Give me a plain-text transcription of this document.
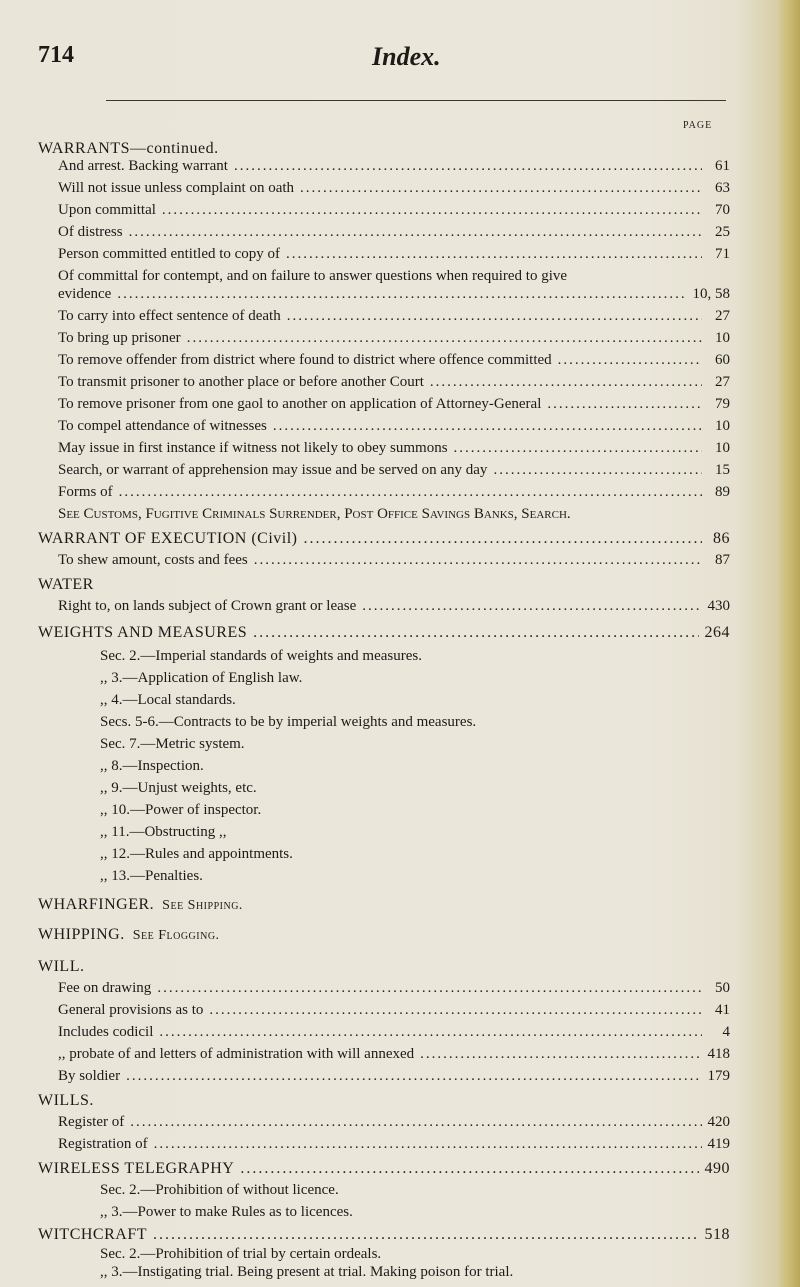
714	Index.
PAGE
WARRANTS—continued.
And arrest. Backing warrant .....	61
Will not issue unless complaint on oath .....	63
Upon committal .....	70
Of distress .....	25
Person committed entitled to copy of .....	71
Of committal for contempt, and on failure to answer questions when required to give
evidence .....	10, 58
To carry into effect sentence of death .....	27
To bring up prisoner .....	10
To remove offender from district where found to district where offence committed .....	60
To transmit prisoner to another place or before another Court .....	27
To remove prisoner from one gaol to another on application of Attorney-General .....	79
To compel attendance of witnesses .....	10
May issue in first instance if witness not likely to obey summons .....	10
Search, or warrant of apprehension may issue and be served on any day .....	15
Forms of .....	89
See Customs, Fugitive Criminals Surrender, Post Office Savings Banks, Search.
WARRANT OF EXECUTION (Civil) .....	86
To shew amount, costs and fees .....	87
WATER
Right to, on lands subject of Crown grant or lease .....	430
WEIGHTS AND MEASURES .....	264
Sec. 2.—Imperial standards of weights and measures.
,, 3.—Application of English law.
,, 4.—Local standards.
Secs. 5-6.—Contracts to be by imperial weights and measures.
Sec. 7.—Metric system.
,, 8.—Inspection.
,, 9.—Unjust weights, etc.
,, 10.—Power of inspector.
,, 11.—Obstructing ,,
,, 12.—Rules and appointments.
,, 13.—Penalties.
WHARFINGER. See Shipping.
WHIPPING. See Flogging.
WILL.
Fee on drawing .....	50
General provisions as to .....	41
Includes codicil .....	4
,, probate of and letters of administration with will annexed .....	418
By soldier .....	179
WILLS.
Register of .....	420
Registration of .....	419
WIRELESS TELEGRAPHY .....	490
Sec. 2.—Prohibition of without licence.
,, 3.—Power to make Rules as to licences.
WITCHCRAFT .....	518
Sec. 2.—Prohibition of trial by certain ordeals.
,, 3.—Instigating trial. Being present at trial. Making poison for trial.
